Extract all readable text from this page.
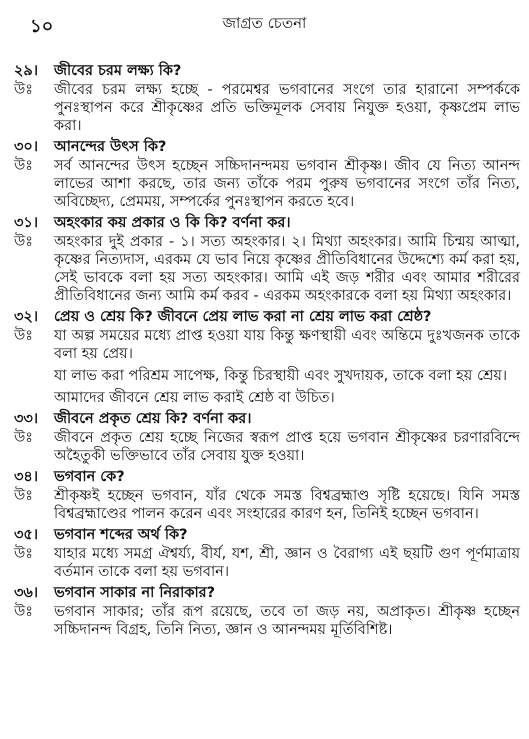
১০	জাগ্রত চেতনা
২৯।	জীবের চরম লক্ষ্য কি?
উঃ	জীবের চরম লক্ষ্য হচ্ছে - পরমেশ্বর ভগবানের সংগে তার হারানো সম্পর্ককে পুনঃস্থাপন করে শ্রীকৃষ্ণের প্রতি ভক্তিমূলক সেবায় নিযুক্ত হওয়া, কৃষ্ণপ্রেম লাভ করা।
৩০।	আনন্দের উৎস কি?
উঃ	সর্ব আনন্দের উৎস হচ্ছেন সচ্চিদানন্দময় ভগবান শ্রীকৃষ্ণ। জীব যে নিত্য আনন্দ লাভের আশা করছে, তার জন্য তাঁকে পরম পুরুষ ভগবানের সংগে তাঁর নিত্য, অবিচ্ছেদ্য, প্রেমময়, সম্পর্কের পুনঃস্থাপন করতে হবে।
৩১।	অহংকার কয় প্রকার ও কি কি? বর্ণনা কর।
উঃ	অহংকার দুই প্রকার - ১। সত্য অহংকার। ২। মিথ্যা অহংকার। আমি চিন্ময় আত্মা, কৃষ্ণের নিত্যদাস, এরকম যে ভাব নিয়ে কৃষ্ণের প্রীতিবিধানের উদ্দেশ্যে কর্ম করা হয়, সেই ভাবকে বলা হয় সত্য অহংকার। আমি এই জড় শরীর এবং আমার শরীরের প্রীতিবিধানের জন্য আমি কর্ম করব - এরকম অহংকারকে বলা হয় মিথ্যা অহংকার।
৩২।	প্রেয় ও শ্রেয় কি? জীবনে প্রেয় লাভ করা না শ্রেয় লাভ করা শ্রেষ্ঠ?
উঃ	যা অল্প সময়ের মধ্যে প্রাপ্ত হওয়া যায় কিন্তু ক্ষণস্থায়ী এবং অন্তিমে দুঃখজনক তাকে বলা হয় প্রেয়।
যা লাভ করা পরিশ্রম সাপেক্ষ, কিন্তু চিরস্থায়ী এবং সুখদায়ক, তাকে বলা হয় শ্রেয়।
আমাদের জীবনে শ্রেয় লাভ করাই শ্রেষ্ঠ বা উচিত।
৩৩।	জীবনে প্রকৃত শ্রেয় কি? বর্ণনা কর।
উঃ	জীবনে প্রকৃত শ্রেয় হচ্ছে নিজের স্বরূপ প্রাপ্ত হয়ে ভগবান শ্রীকৃষ্ণের চরণারবিন্দে অহৈতুকী ভক্তিভাবে তাঁর সেবায় যুক্ত হওয়া।
৩৪।	ভগবান কে?
উঃ	শ্রীকৃষ্ণই হচ্ছেন ভগবান, যাঁর থেকে সমস্ত বিশ্বব্রহ্মাণ্ড সৃষ্টি হয়েছে। যিনি সমস্ত বিশ্বব্রহ্মাণ্ডের পালন করেন এবং সংহারের কারণ হন, তিনিই হচ্ছেন ভগবান।
৩৫।	ভগবান শব্দের অর্থ কি?
উঃ	যাহার মধ্যে সমগ্র ঐশ্বর্য্য, বীর্য, যশ, শ্রী, জ্ঞান ও বৈরাগ্য এই ছয়টি গুণ পূর্ণমাত্রায় বর্তমান তাকে বলা হয় ভগবান।
৩৬।	ভগবান সাকার না নিরাকার?
উঃ	ভগবান সাকার; তাঁর রূপ রয়েছে, তবে তা জড় নয়, অপ্রাকৃত। শ্রীকৃষ্ণ হচ্ছেন সচ্চিদানন্দ বিগ্রহ, তিনি নিত্য, জ্ঞান ও আনন্দময় মূর্তিবিশিষ্ট।
